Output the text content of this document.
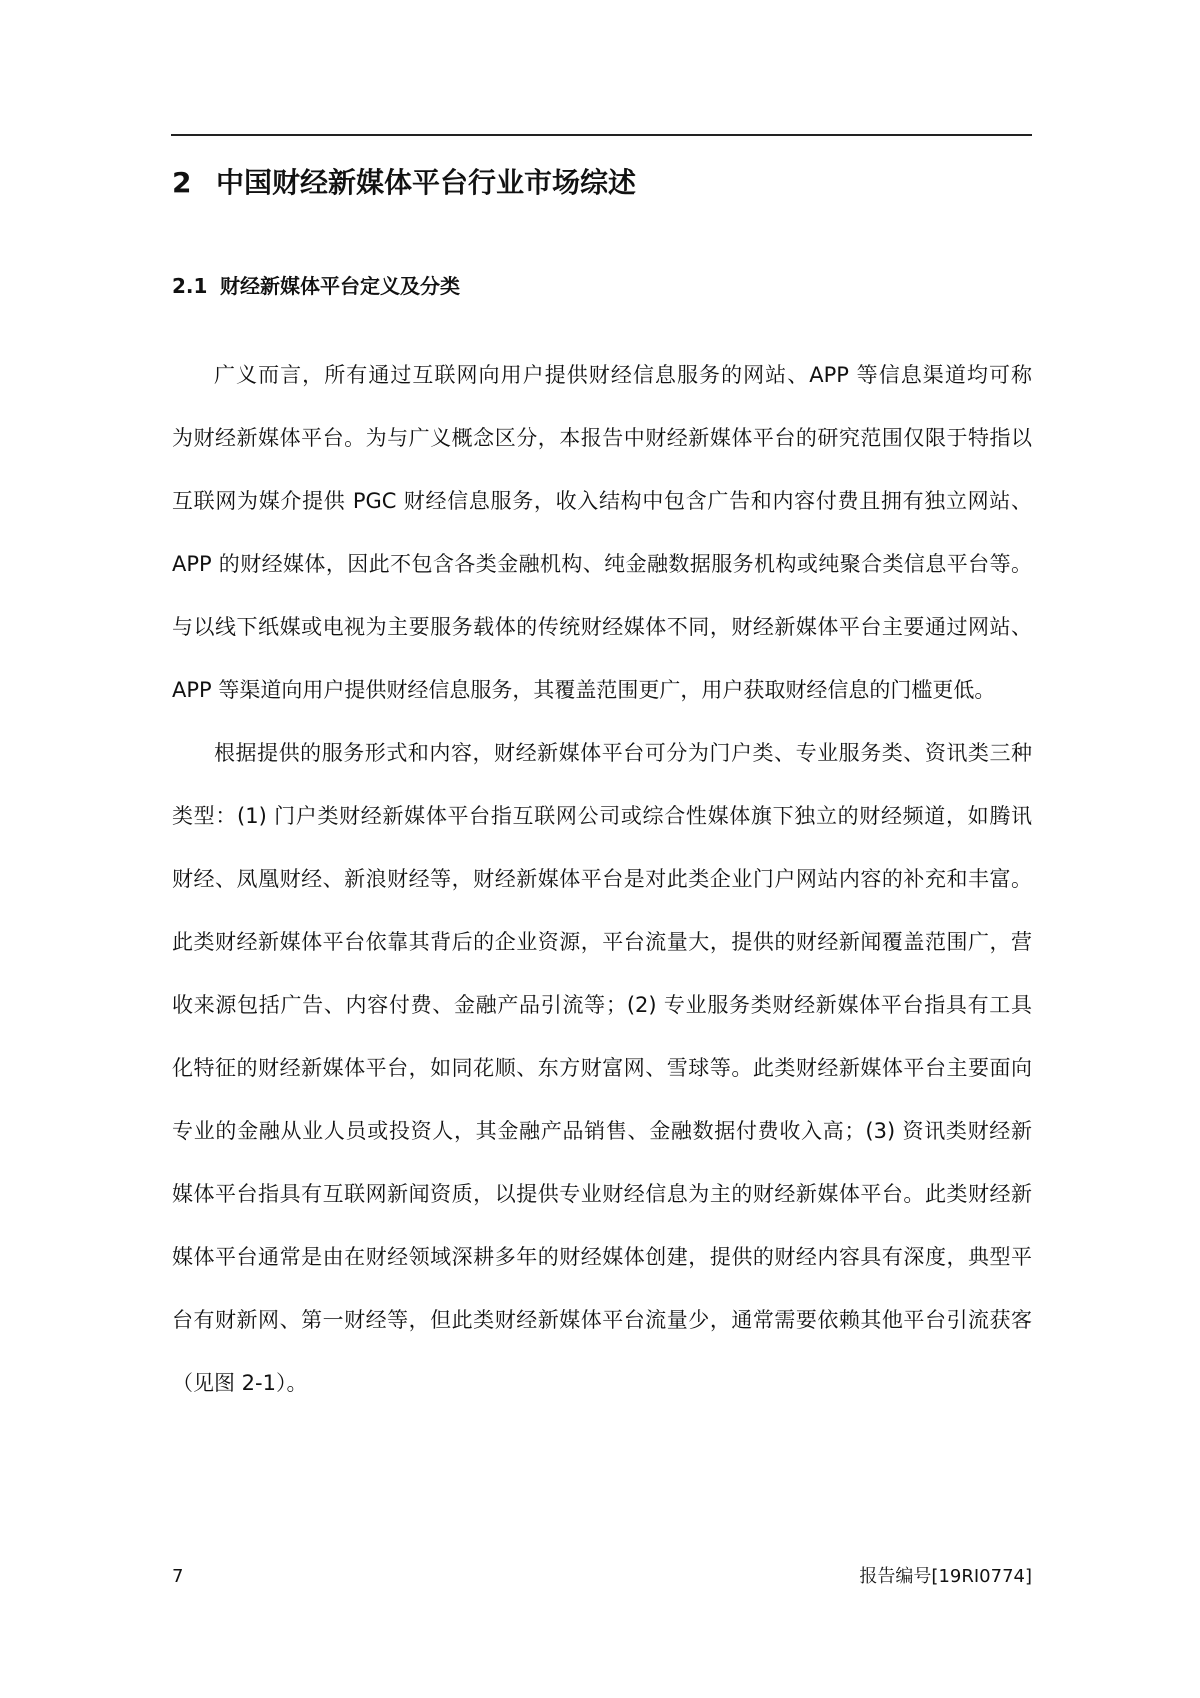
2 中国财经新媒体平台行业市场综述
2.1 财经新媒体平台定义及分类
广义而言，所有通过互联网向用户提供财经信息服务的网站、APP 等信息渠道均可称
为财经新媒体平台。为与广义概念区分，本报告中财经新媒体平台的研究范围仅限于特指以
互联网为媒介提供 PGC 财经信息服务，收入结构中包含广告和内容付费且拥有独立网站、
APP 的财经媒体，因此不包含各类金融机构、纯金融数据服务机构或纯聚合类信息平台等。
与以线下纸媒或电视为主要服务载体的传统财经媒体不同，财经新媒体平台主要通过网站、
APP 等渠道向用户提供财经信息服务，其覆盖范围更广，用户获取财经信息的门槛更低。
根据提供的服务形式和内容，财经新媒体平台可分为门户类、专业服务类、资讯类三种
类型：(1) 门户类财经新媒体平台指互联网公司或综合性媒体旗下独立的财经频道，如腾讯
财经、凤凰财经、新浪财经等，财经新媒体平台是对此类企业门户网站内容的补充和丰富。
此类财经新媒体平台依靠其背后的企业资源，平台流量大，提供的财经新闻覆盖范围广，营
收来源包括广告、内容付费、金融产品引流等；(2) 专业服务类财经新媒体平台指具有工具
化特征的财经新媒体平台，如同花顺、东方财富网、雪球等。此类财经新媒体平台主要面向
专业的金融从业人员或投资人，其金融产品销售、金融数据付费收入高；(3) 资讯类财经新
媒体平台指具有互联网新闻资质，以提供专业财经信息为主的财经新媒体平台。此类财经新
媒体平台通常是由在财经领域深耕多年的财经媒体创建，提供的财经内容具有深度，典型平
台有财新网、第一财经等，但此类财经新媒体平台流量少，通常需要依赖其他平台引流获客
（见图 2-1）。
7	报告编号[19RI0774]
